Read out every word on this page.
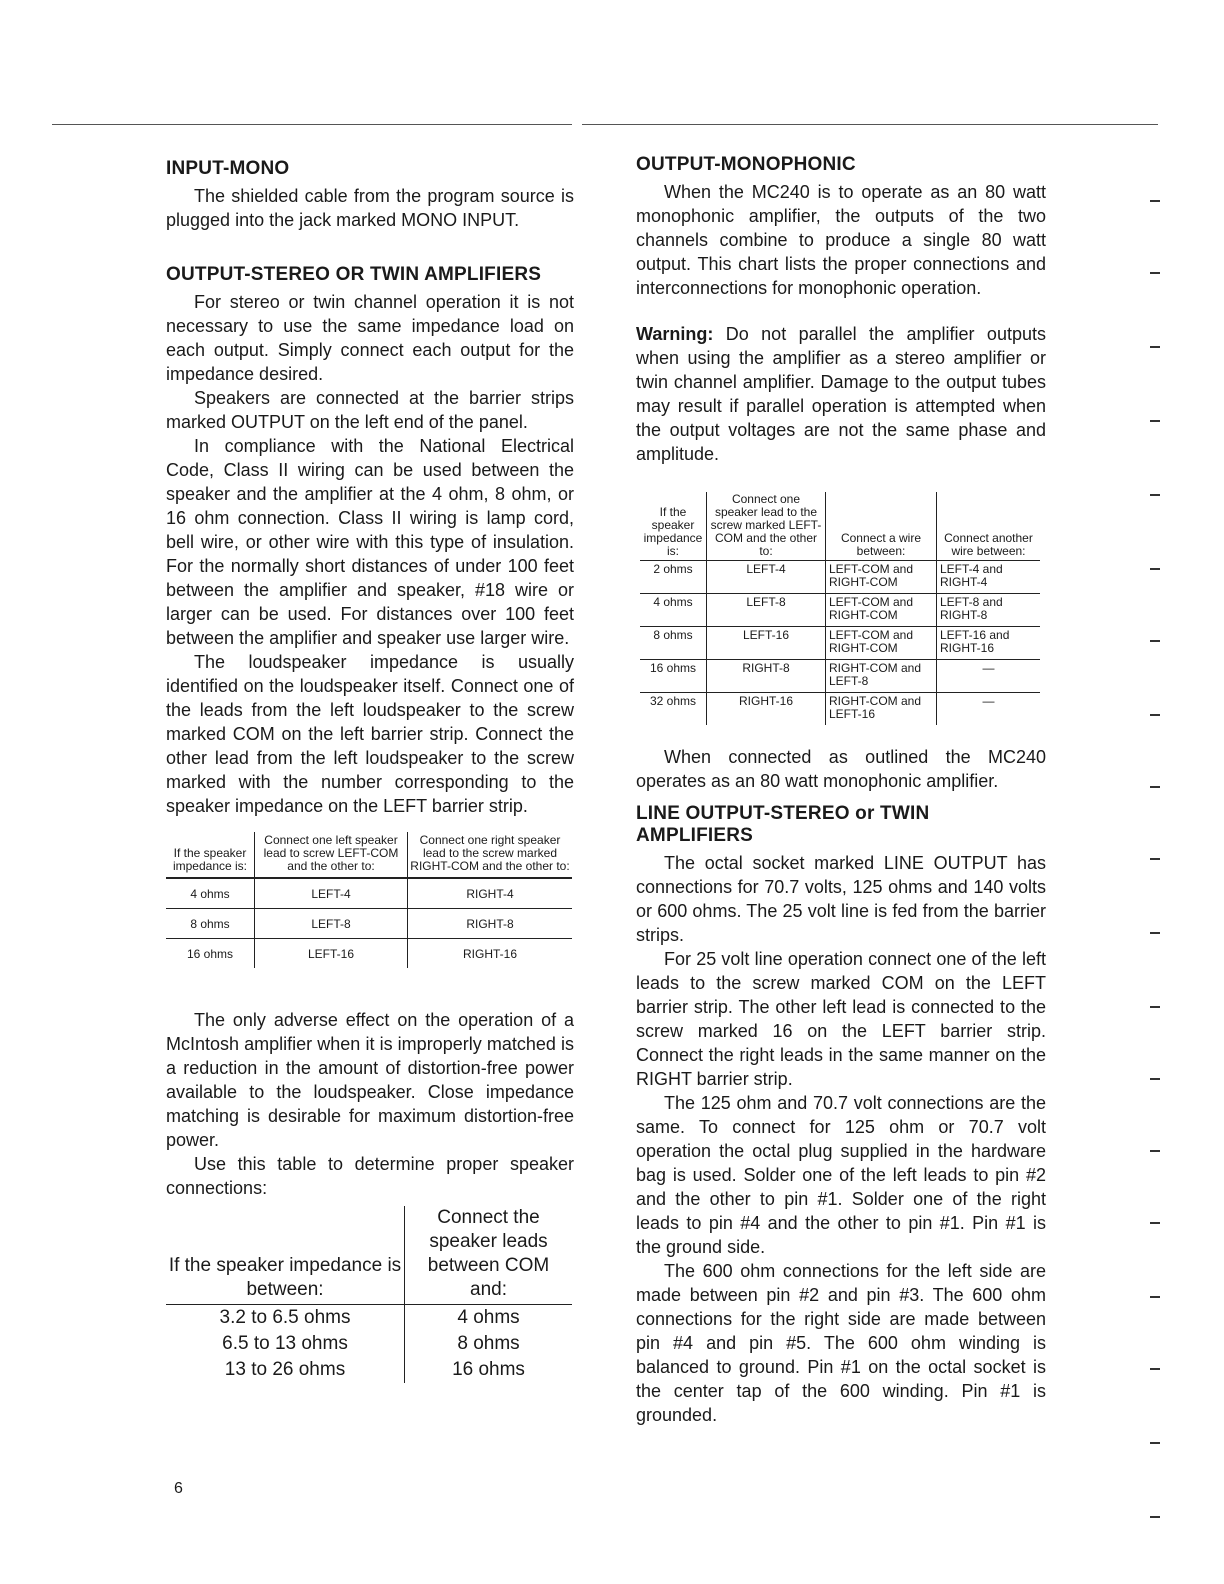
INPUT-MONO

The shielded cable from the program source is plugged into the jack marked MONO INPUT.

OUTPUT-STEREO OR TWIN AMPLIFIERS

For stereo or twin channel operation it is not necessary to use the same impedance load on each output. Simply connect each output for the impedance desired.

Speakers are connected at the barrier strips marked OUTPUT on the left end of the panel.

In compliance with the National Electrical Code, Class II wiring can be used between the speaker and the amplifier at the 4 ohm, 8 ohm, or 16 ohm connection. Class II wiring is lamp cord, bell wire, or other wire with this type of insulation. For the normally short distances of under 100 feet between the amplifier and speaker, #18 wire or larger can be used. For distances over 100 feet between the amplifier and speaker use larger wire.

The loudspeaker impedance is usually identified on the loudspeaker itself. Connect one of the leads from the left loudspeaker to the screw marked COM on the left barrier strip. Connect the other lead from the left loudspeaker to the screw marked with the number corresponding to the speaker impedance on the LEFT barrier strip.

If the speaker impedance is:	Connect one left speaker lead to screw LEFT-COM and the other to:	Connect one right speaker lead to the screw marked RIGHT-COM and the other to:
4 ohms	LEFT-4	RIGHT-4
8 ohms	LEFT-8	RIGHT-8
16 ohms	LEFT-16	RIGHT-16

The only adverse effect on the operation of a McIntosh amplifier when it is improperly matched is a reduction in the amount of distortion-free power available to the loudspeaker. Close impedance matching is desirable for maximum distortion-free power.

Use this table to determine proper speaker connections:

If the speaker impedance is between:	Connect the speaker leads between COM and:
3.2 to 6.5 ohms	4 ohms
6.5 to 13 ohms	8 ohms
13 to 26 ohms	16 ohms
OUTPUT-MONOPHONIC

When the MC240 is to operate as an 80 watt monophonic amplifier, the outputs of the two channels combine to produce a single 80 watt output. This chart lists the proper connections and interconnections for monophonic operation.

Warning: Do not parallel the amplifier outputs when using the amplifier as a stereo amplifier or twin channel amplifier. Damage to the output tubes may result if parallel operation is attempted when the output voltages are not the same phase and amplitude.

If the speaker impedance is:	Connect one speaker lead to the screw marked LEFT-COM and the other to:	Connect a wire between:	Connect another wire between:
2 ohms	LEFT-4	LEFT-COM and RIGHT-COM	LEFT-4 and RIGHT-4
4 ohms	LEFT-8	LEFT-COM and RIGHT-COM	LEFT-8 and RIGHT-8
8 ohms	LEFT-16	LEFT-COM and RIGHT-COM	LEFT-16 and RIGHT-16
16 ohms	RIGHT-8	RIGHT-COM and LEFT-8	—
32 ohms	RIGHT-16	RIGHT-COM and LEFT-16	—

When connected as outlined the MC240 operates as an 80 watt monophonic amplifier.

LINE OUTPUT-STEREO or TWIN AMPLIFIERS

The octal socket marked LINE OUTPUT has connections for 70.7 volts, 125 ohms and 140 volts or 600 ohms. The 25 volt line is fed from the barrier strips.

For 25 volt line operation connect one of the left leads to the screw marked COM on the LEFT barrier strip. The other left lead is connected to the screw marked 16 on the LEFT barrier strip. Connect the right leads in the same manner on the RIGHT barrier strip.

The 125 ohm and 70.7 volt connections are the same. To connect for 125 ohm or 70.7 volt operation the octal plug supplied in the hardware bag is used. Solder one of the left leads to pin #2 and the other to pin #1. Solder one of the right leads to pin #4 and the other to pin #1. Pin #1 is the ground side.

The 600 ohm connections for the left side are made between pin #2 and pin #3. The 600 ohm connections for the right side are made between pin #4 and pin #5. The 600 ohm winding is balanced to ground. Pin #1 on the octal socket is the center tap of the 600 winding. Pin #1 is grounded.

6
